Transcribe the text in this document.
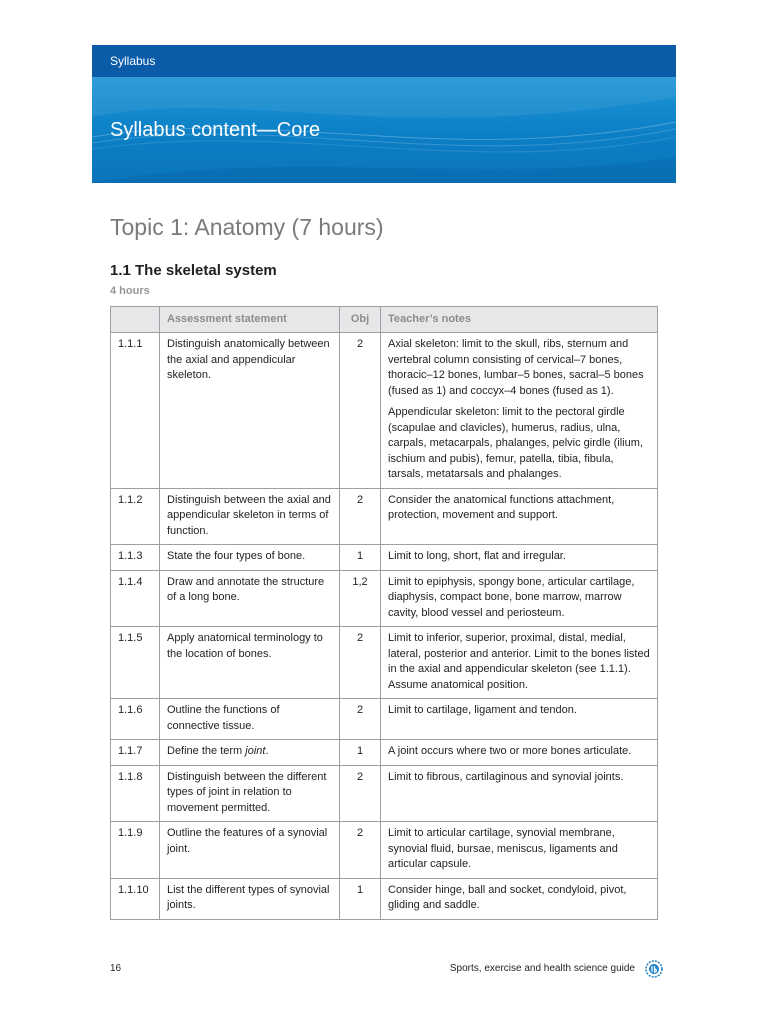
Syllabus
Syllabus content—Core
Topic 1: Anatomy (7 hours)
1.1 The skeletal system
4 hours
	Assessment statement	Obj	Teacher’s notes
1.1.1	Distinguish anatomically between the axial and appendicular skeleton.	2	Axial skeleton: limit to the skull, ribs, sternum and vertebral column consisting of cervical–7 bones, thoracic–12 bones, lumbar–5 bones, sacral–5 bones (fused as 1) and coccyx–4 bones (fused as 1).

Appendicular skeleton: limit to the pectoral girdle (scapulae and clavicles), humerus, radius, ulna, carpals, metacarpals, phalanges, pelvic girdle (ilium, ischium and pubis), femur, patella, tibia, fibula, tarsals, metatarsals and phalanges.

1.1.2	Distinguish between the axial and appendicular skeleton in terms of function.	2	Consider the anatomical functions attachment, protection, movement and support.
1.1.3	State the four types of bone.	1	Limit to long, short, flat and irregular.
1.1.4	Draw and annotate the structure of a long bone.	1,2	Limit to epiphysis, spongy bone, articular cartilage, diaphysis, compact bone, bone marrow, marrow cavity, blood vessel and periosteum.
1.1.5	Apply anatomical terminology to the location of bones.	2	Limit to inferior, superior, proximal, distal, medial, lateral, posterior and anterior. Limit to the bones listed in the axial and appendicular skeleton (see 1.1.1). Assume anatomical position.
1.1.6	Outline the functions of connective tissue.	2	Limit to cartilage, ligament and tendon.
1.1.7	Define the term joint.	1	A joint occurs where two or more bones articulate.
1.1.8	Distinguish between the different types of joint in relation to movement permitted.	2	Limit to fibrous, cartilaginous and synovial joints.
1.1.9	Outline the features of a synovial joint.	2	Limit to articular cartilage, synovial membrane, synovial fluid, bursae, meniscus, ligaments and articular capsule.
1.1.10	List the different types of synovial joints.	1	Consider hinge, ball and socket, condyloid, pivot, gliding and saddle.
16	Sports, exercise and health science guide
